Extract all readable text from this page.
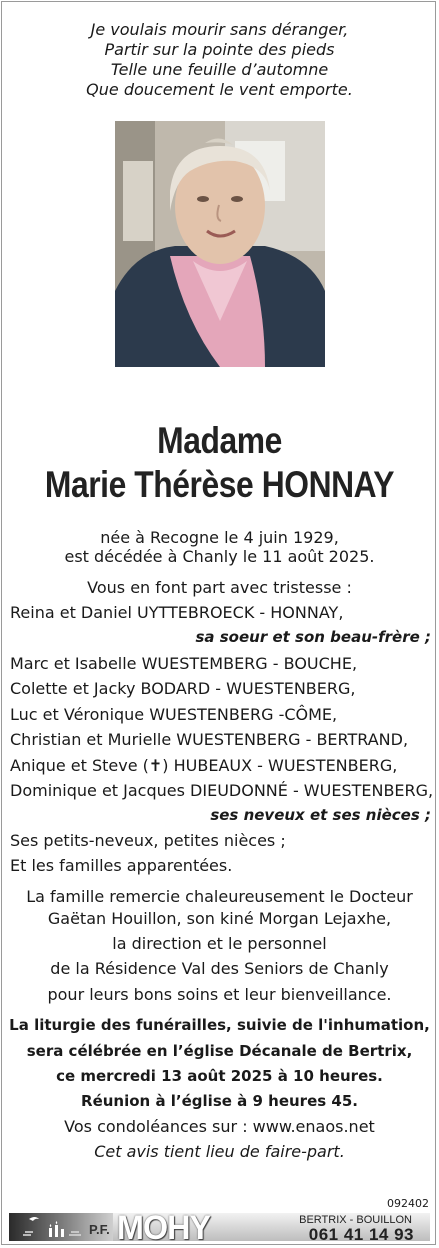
Je voulais mourir sans déranger,
Partir sur la pointe des pieds
Telle une feuille d’automne
Que doucement le vent emporte.
Madame
Marie Thérèse HONNAY
née à Recogne le 4 juin 1929,
est décédée à Chanly le 11 août 2025.
Vous en font part avec tristesse :
Reina et Daniel UYTTEBROECK - HONNAY,
sa soeur et son beau-frère ;
Marc et Isabelle WUESTEMBERG - BOUCHE,
Colette et Jacky BODARD - WUESTENBERG,
Luc et Véronique WUESTENBERG -CÔME,
Christian et Murielle WUESTENBERG - BERTRAND,
Anique et Steve (✝) HUBEAUX - WUESTENBERG,
Dominique et Jacques DIEUDONNÉ - WUESTENBERG,
ses neveux et ses nièces ;
Ses petits-neveux, petites nièces ;
Et les familles apparentées.
La famille remercie chaleureusement le Docteur
Gaëtan Houillon, son kiné Morgan Lejaxhe,
la direction et le personnel
de la Résidence Val des Seniors de Chanly
pour leurs bons soins et leur bienveillance.
La liturgie des funérailles, suivie de l'inhumation,
sera célébrée en l’église Décanale de Bertrix,
ce mercredi 13 août 2025 à 10 heures.
Réunion à l’église à 9 heures 45.
Vos condoléances sur : www.enaos.net
Cet avis tient lieu de faire-part.
092402
P.F. MOHY	BERTRIX - BOUILLON
061 41 14 93
